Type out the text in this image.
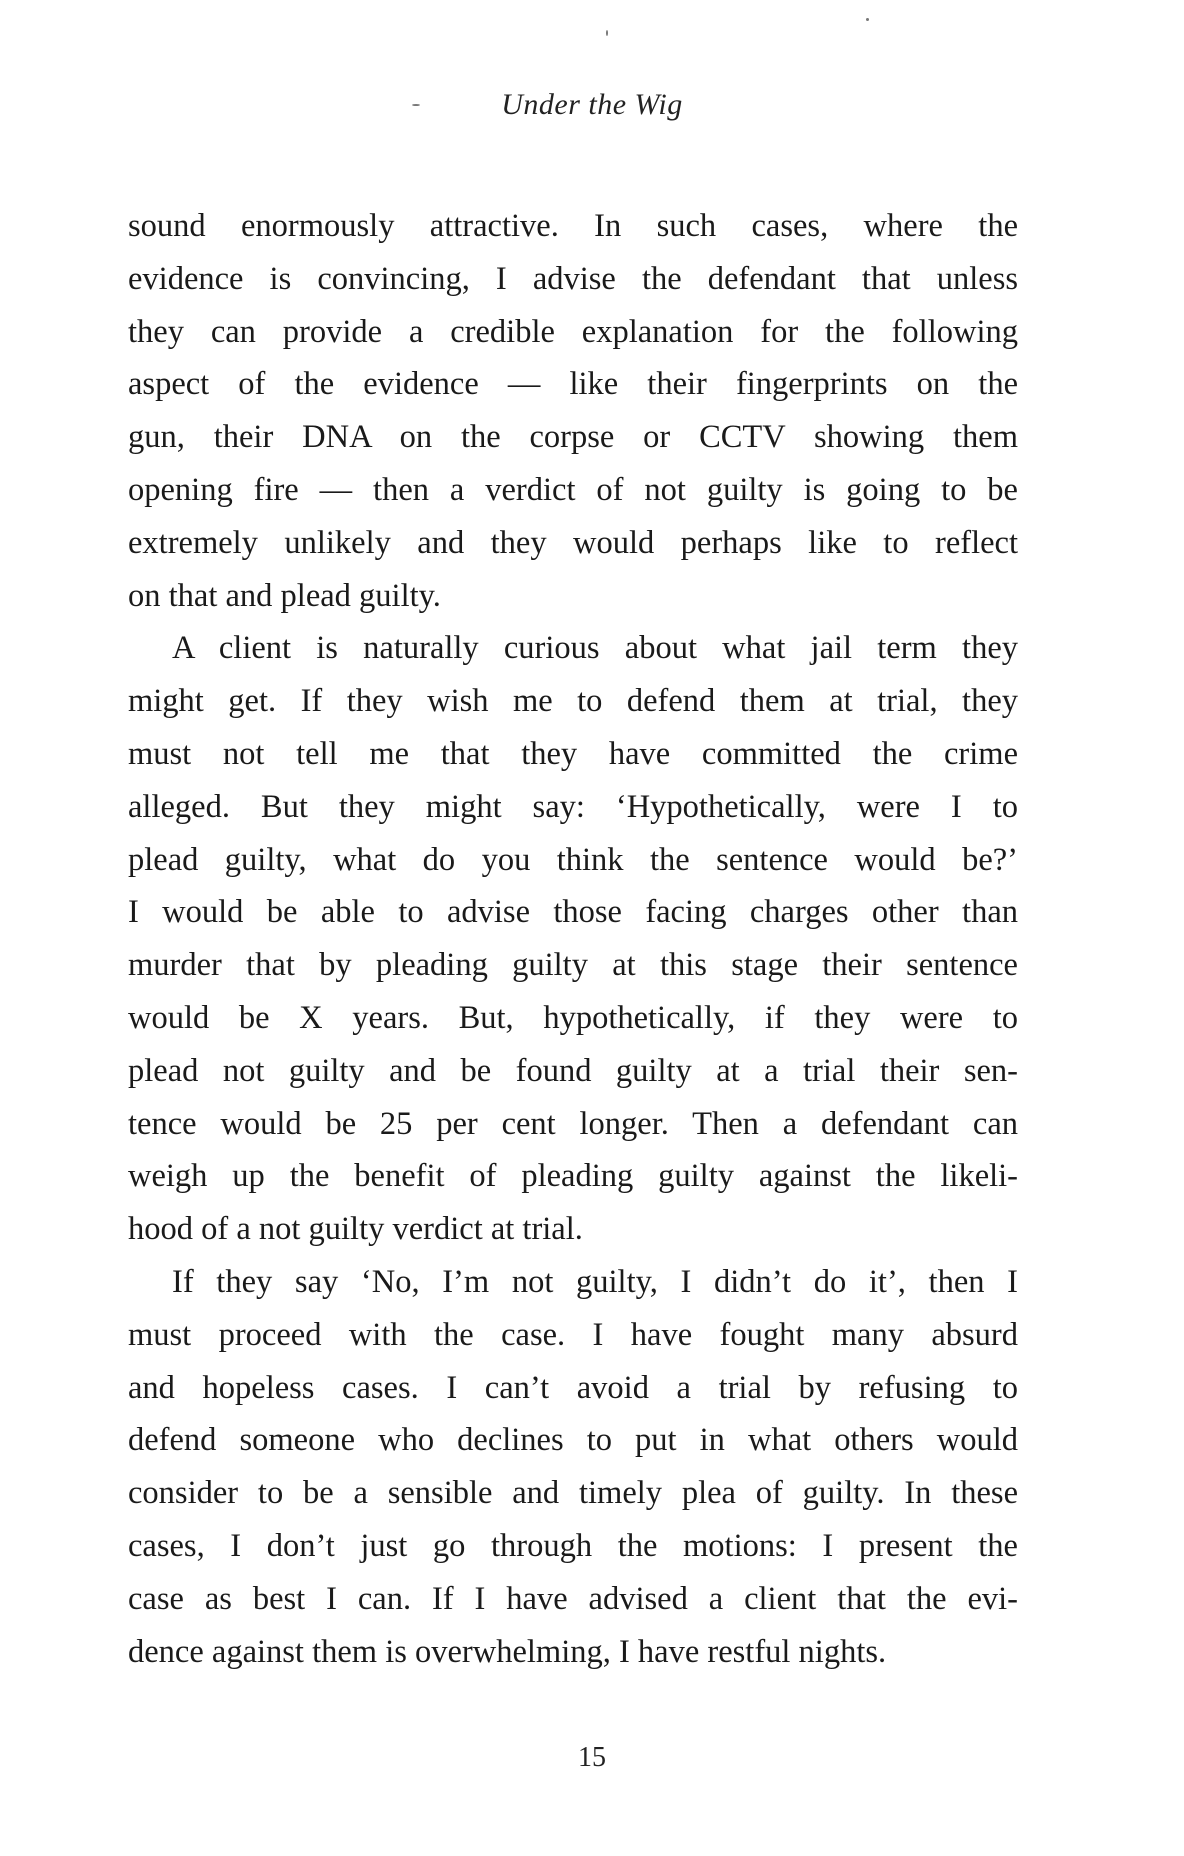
Under the Wig
sound enormously attractive. In such cases, where the
evidence is convincing, I advise the defendant that unless
they can provide a credible explanation for the following
aspect of the evidence — like their fingerprints on the
gun, their DNA on the corpse or CCTV showing them
opening fire — then a verdict of not guilty is going to be
extremely unlikely and they would perhaps like to reflect
on that and plead guilty.
A client is naturally curious about what jail term they
might get. If they wish me to defend them at trial, they
must not tell me that they have committed the crime
alleged. But they might say: ‘Hypothetically, were I to
plead guilty, what do you think the sentence would be?’
I would be able to advise those facing charges other than
murder that by pleading guilty at this stage their sentence
would be X years. But, hypothetically, if they were to
plead not guilty and be found guilty at a trial their sen-
tence would be 25 per cent longer. Then a defendant can
weigh up the benefit of pleading guilty against the likeli-
hood of a not guilty verdict at trial.
If they say ‘No, I’m not guilty, I didn’t do it’, then I
must proceed with the case. I have fought many absurd
and hopeless cases. I can’t avoid a trial by refusing to
defend someone who declines to put in what others would
consider to be a sensible and timely plea of guilty. In these
cases, I don’t just go through the motions: I present the
case as best I can. If I have advised a client that the evi-
dence against them is overwhelming, I have restful nights.
15
